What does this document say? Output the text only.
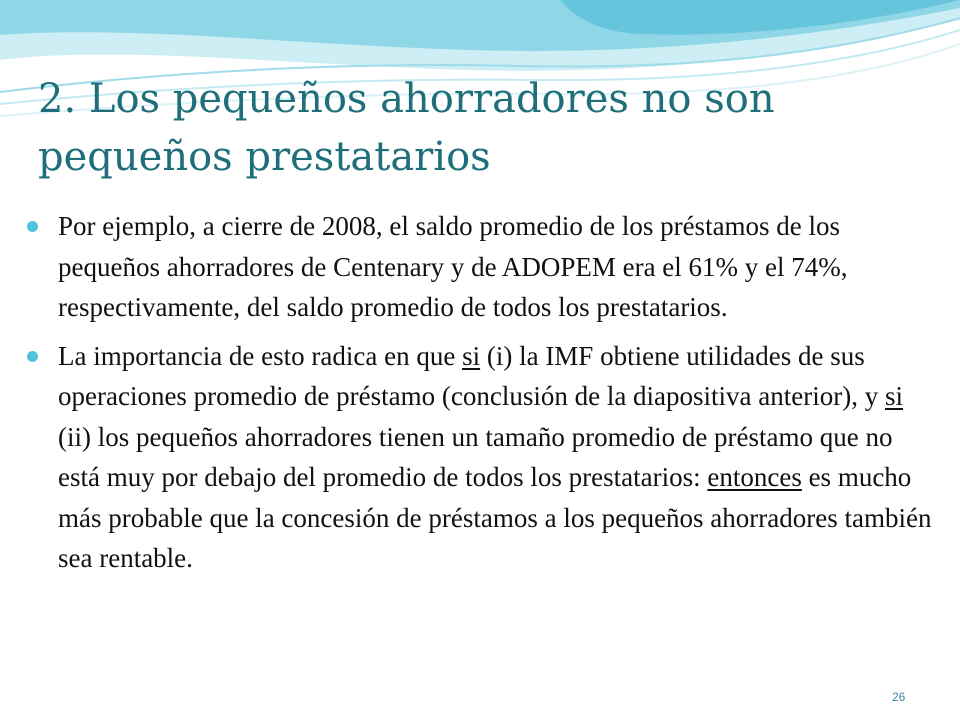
2. Los pequeños ahorradores no son
pequeños prestatarios
Por ejemplo, a cierre de 2008, el saldo promedio de los préstamos de los pequeños ahorradores de Centenary y de ADOPEM era el 61% y el 74%, respectivamente, del saldo promedio de todos los prestatarios.
La importancia de esto radica en que si (i) la IMF obtiene utilidades de sus operaciones promedio de préstamo (conclusión de la diapositiva anterior), y si (ii) los pequeños ahorradores tienen un tamaño promedio de préstamo que no está muy por debajo del promedio de todos los prestatarios: entonces es mucho más probable que la concesión de préstamos a los pequeños ahorradores también sea rentable.
26
